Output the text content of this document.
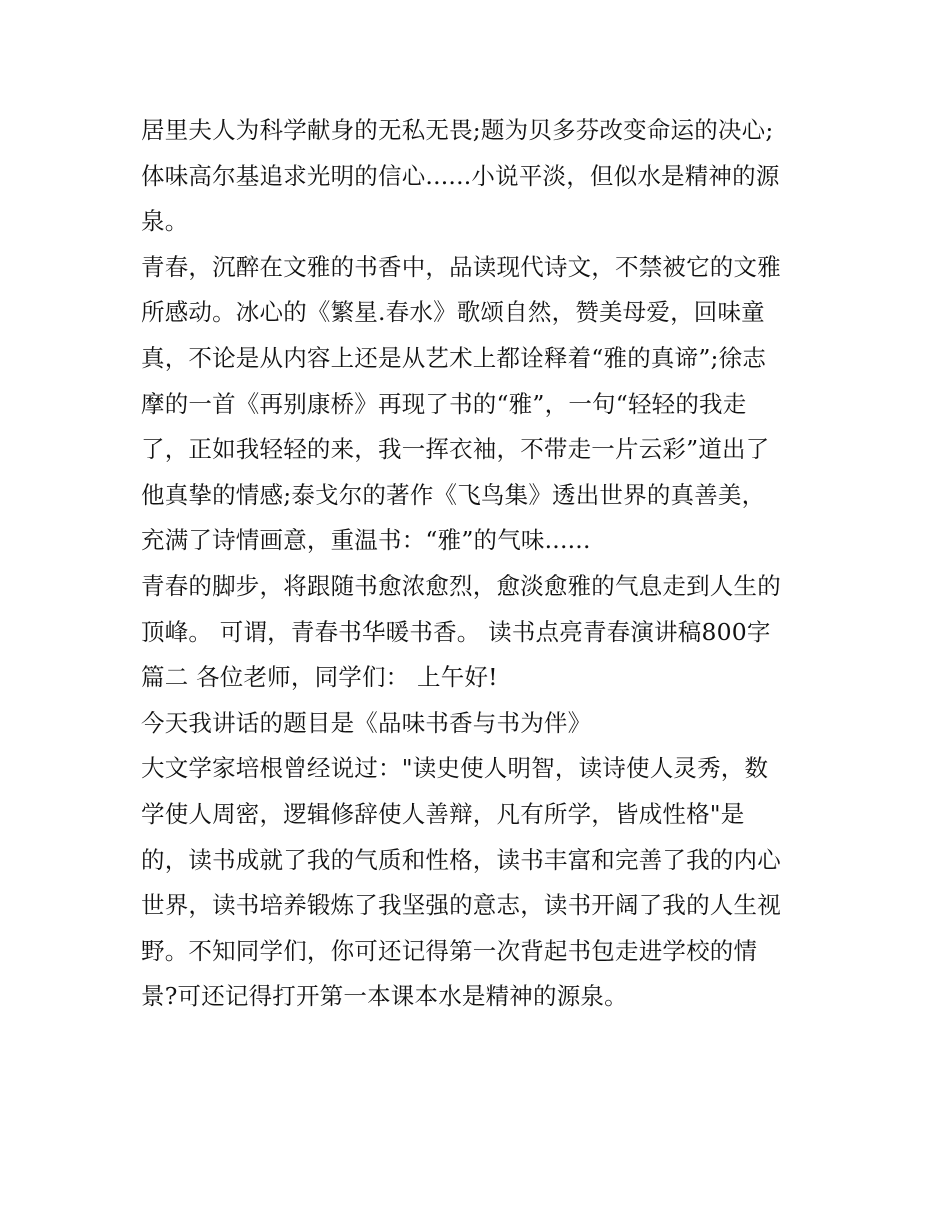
居里夫人为科学献身的无私无畏;题为贝多芬改变命运的决心;
体味高尔基追求光明的信心......小说平淡，但似水是精神的源
泉。
青春，沉醉在文雅的书香中，品读现代诗文，不禁被它的文雅
所感动。冰心的《繁星.春水》歌颂自然，赞美母爱，回味童
真，不论是从内容上还是从艺术上都诠释着“雅的真谛”;徐志
摩的一首《再别康桥》再现了书的“雅”，一句“轻轻的我走
了，正如我轻轻的来，我一挥衣袖，不带走一片云彩”道出了
他真挚的情感;泰戈尔的著作《飞鸟集》透出世界的真善美，
充满了诗情画意，重温书：“雅”的气味......
青春的脚步，将跟随书愈浓愈烈，愈淡愈雅的气息走到人生的
顶峰。 可谓，青春书华暖书香。 读书点亮青春演讲稿800字
篇二 各位老师，同学们： 上午好!
今天我讲话的题目是《品味书香与书为伴》
大文学家培根曾经说过："读史使人明智，读诗使人灵秀，数
学使人周密，逻辑修辞使人善辩，凡有所学，皆成性格"是
的，读书成就了我的气质和性格，读书丰富和完善了我的内心
世界，读书培养锻炼了我坚强的意志，读书开阔了我的人生视
野。不知同学们，你可还记得第一次背起书包走进学校的情
景?可还记得打开第一本课本水是精神的源泉。
